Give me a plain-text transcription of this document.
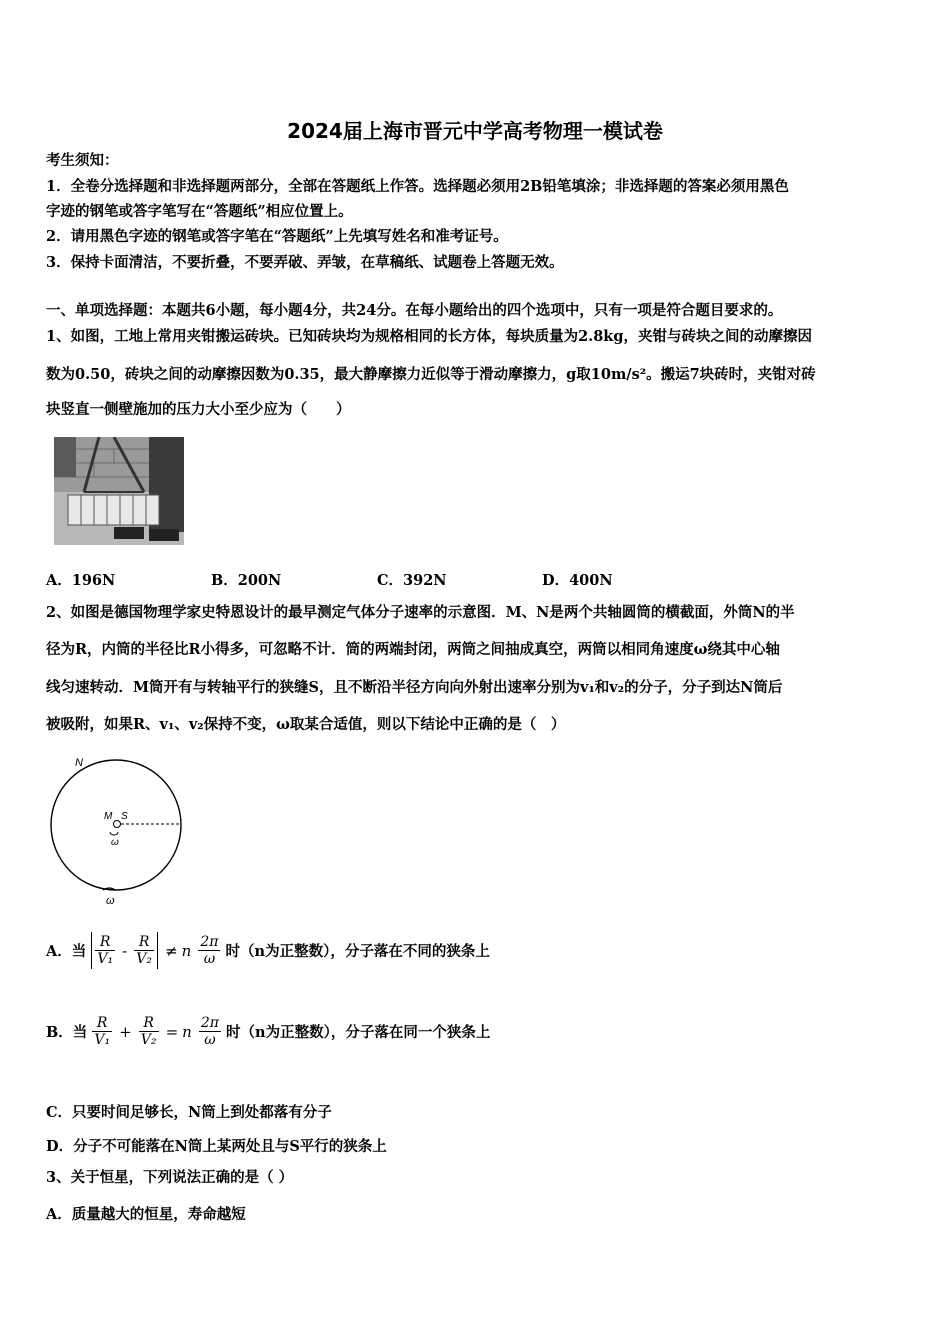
2024届上海市晋元中学高考物理一模试卷
考生须知：
1．全卷分选择题和非选择题两部分，全部在答题纸上作答。选择题必须用2B铅笔填涂；非选择题的答案必须用黑色
字迹的钢笔或答字笔写在“答题纸”相应位置上。
2．请用黑色字迹的钢笔或答字笔在“答题纸”上先填写姓名和准考证号。
3．保持卡面清洁，不要折叠，不要弄破、弄皱，在草稿纸、试题卷上答题无效。
一、单项选择题：本题共6小题，每小题4分，共24分。在每小题给出的四个选项中，只有一项是符合题目要求的。
1、如图，工地上常用夹钳搬运砖块。已知砖块均为规格相同的长方体，每块质量为2.8kg，夹钳与砖块之间的动摩擦因
数为0.50，砖块之间的动摩擦因数为0.35，最大静摩擦力近似等于滑动摩擦力，g取10m/s²。搬运7块砖时，夹钳对砖
块竖直一侧壁施加的压力大小至少应为（　　）
A．196N	B．200N	C．392N	D．400N
2、如图是德国物理学家史特恩设计的最早测定气体分子速率的示意图．M、N是两个共轴圆筒的横截面，外筒N的半
径为R，内筒的半径比R小得多，可忽略不计．筒的两端封闭，两筒之间抽成真空，两筒以相同角速度ω绕其中心轴
线匀速转动．M筒开有与转轴平行的狭缝S，且不断沿半径方向向外射出速率分别为v₁和v₂的分子，分子到达N筒后
被吸附，如果R、v₁、v₂保持不变，ω取某合适值，则以下结论中正确的是（　）
N
M S
ω
ω
A．当 $\frac{R}{\text{V₁}} - \frac{R}{\text{V₂}} \ne n \frac{2\pi}{\omega}$ 时（n为正整数），分子落在不同的狭条上
B．当 $\frac{R}{\text{V₁}} + \frac{R}{\text{V₂}} = n \frac{2\pi}{\omega}$ 时（n为正整数），分子落在同一个狭条上
C．只要时间足够长，N筒上到处都落有分子
D．分子不可能落在N筒上某两处且与S平行的狭条上
3、关于恒星，下列说法正确的是（ ）
A．质量越大的恒星，寿命越短
